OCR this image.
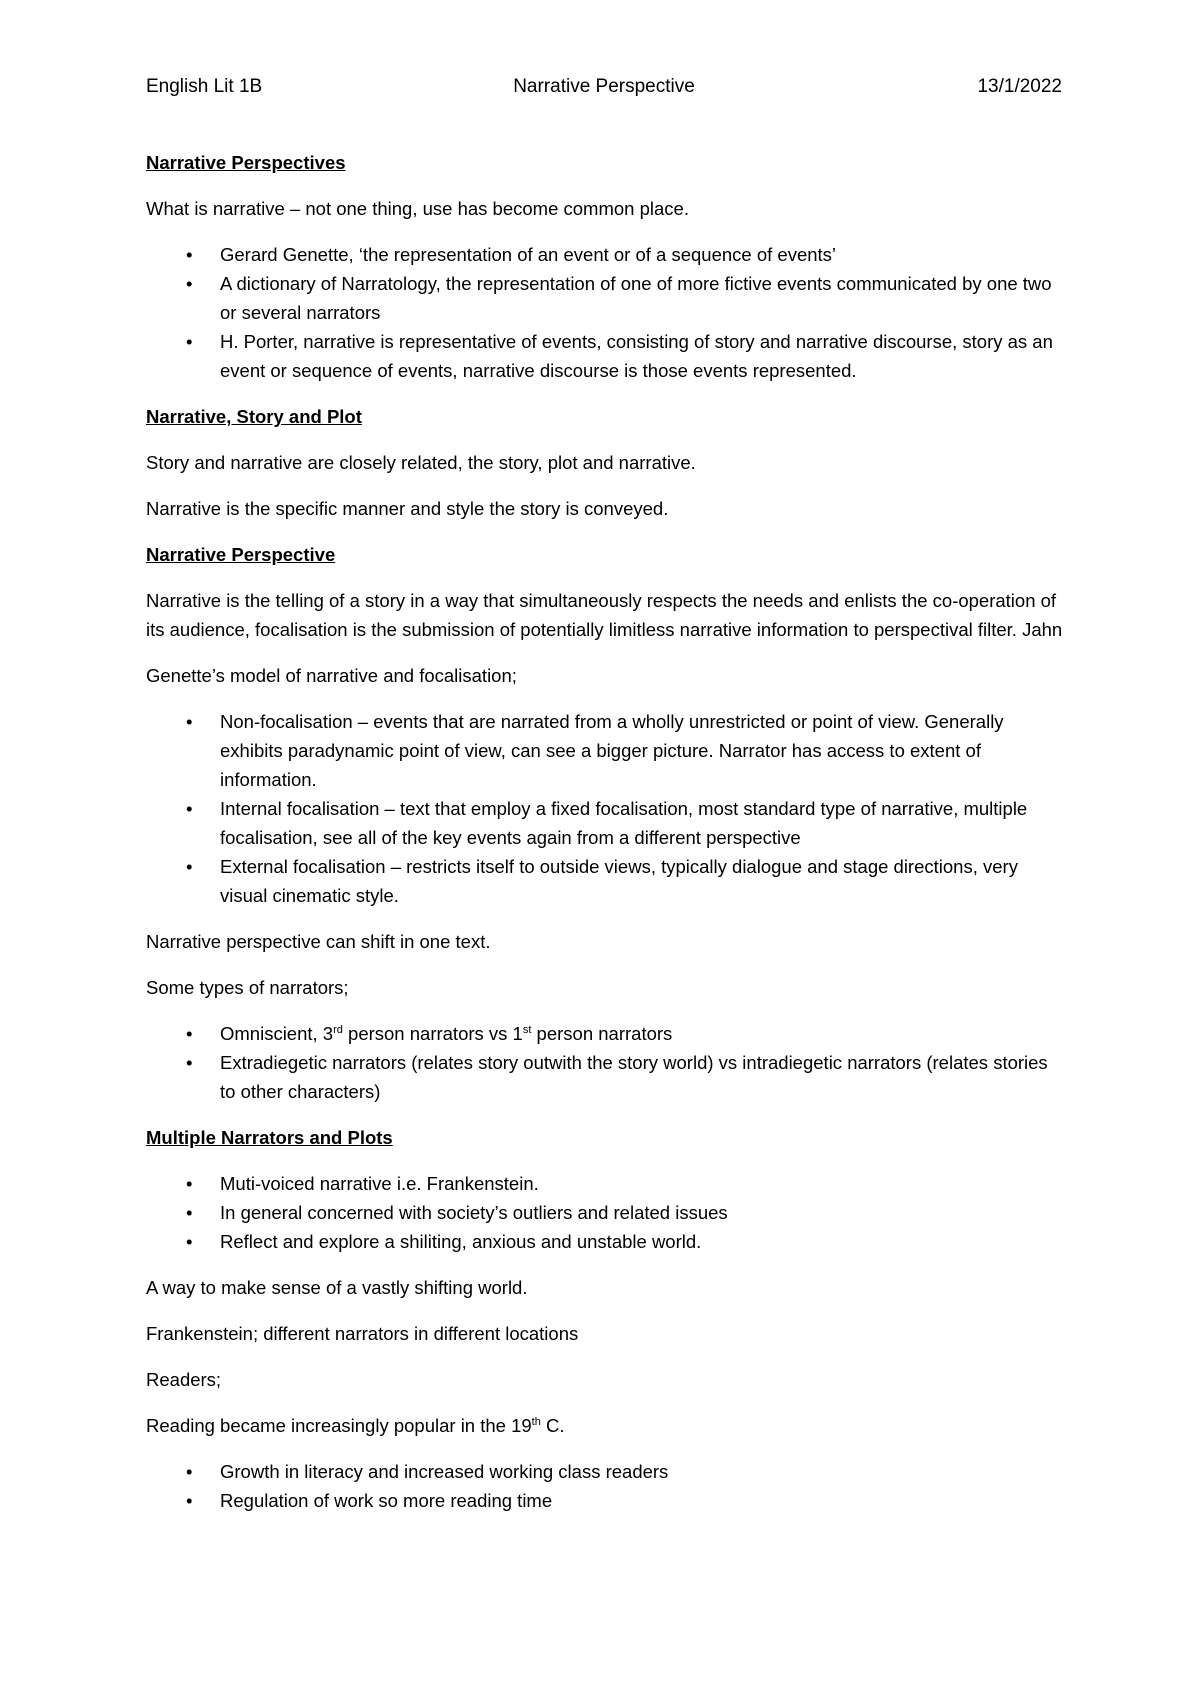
English Lit 1B	Narrative Perspective	13/1/2022
Narrative Perspectives

What is narrative – not one thing, use has become common place.

• Gerard Genette, ‘the representation of an event or of a sequence of events’
• A dictionary of Narratology, the representation of one of more fictive events communicated by one two or several narrators
• H. Porter, narrative is representative of events, consisting of story and narrative discourse, story as an event or sequence of events, narrative discourse is those events represented.
Narrative, Story and Plot

Story and narrative are closely related, the story, plot and narrative.

Narrative is the specific manner and style the story is conveyed.

Narrative Perspective

Narrative is the telling of a story in a way that simultaneously respects the needs and enlists the co-operation of its audience, focalisation is the submission of potentially limitless narrative information to perspectival filter. Jahn

Genette’s model of narrative and focalisation;

• Non-focalisation – events that are narrated from a wholly unrestricted or point of view. Generally exhibits paradynamic point of view, can see a bigger picture. Narrator has access to extent of information.
• Internal focalisation – text that employ a fixed focalisation, most standard type of narrative, multiple focalisation, see all of the key events again from a different perspective
• External focalisation – restricts itself to outside views, typically dialogue and stage directions, very visual cinematic style.

Narrative perspective can shift in one text.

Some types of narrators;

• Omniscient, 3rd person narrators vs 1st person narrators
• Extradiegetic narrators (relates story outwith the story world) vs intradiegetic narrators (relates stories to other characters)
Multiple Narrators and Plots
• Muti-voiced narrative i.e. Frankenstein.
• In general concerned with society’s outliers and related issues
• Reflect and explore a shiliting, anxious and unstable world.

A way to make sense of a vastly shifting world.

Frankenstein; different narrators in different locations

Readers;

Reading became increasingly popular in the 19th C.

• Growth in literacy and increased working class readers
• Regulation of work so more reading time
